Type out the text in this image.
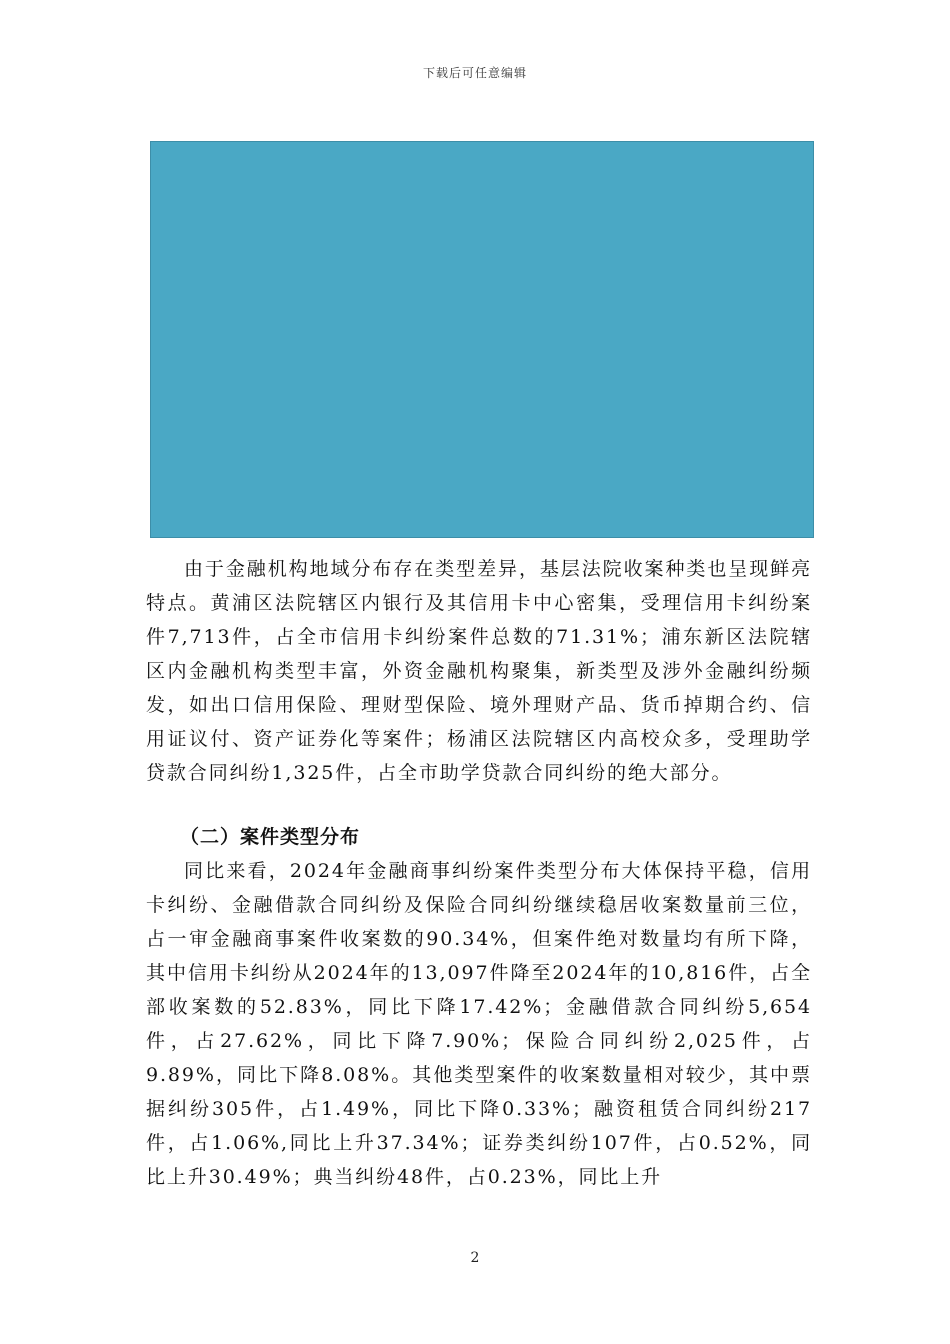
下载后可任意编辑

由于金融机构地域分布存在类型差异，基层法院收案种类也呈现鲜亮特点。黄浦区法院辖区内银行及其信用卡中心密集，受理信用卡纠纷案件7,713件，占全市信用卡纠纷案件总数的71.31%；浦东新区法院辖区内金融机构类型丰富，外资金融机构聚集，新类型及涉外金融纠纷频发，如出口信用保险、理财型保险、境外理财产品、货币掉期合约、信用证议付、资产证券化等案件；杨浦区法院辖区内高校众多，受理助学贷款合同纠纷1,325件，占全市助学贷款合同纠纷的绝大部分。

（二）案件类型分布

同比来看，2024年金融商事纠纷案件类型分布大体保持平稳，信用卡纠纷、金融借款合同纠纷及保险合同纠纷继续稳居收案数量前三位，占一审金融商事案件收案数的90.34%，但案件绝对数量均有所下降，其中信用卡纠纷从2024年的13,097件降至2024年的10,816件，占全部收案数的52.83%，同比下降17.42%；金融借款合同纠纷5,654件，占27.62%，同比下降7.90%；保险合同纠纷2,025件，占9.89%，同比下降8.08%。其他类型案件的收案数量相对较少，其中票据纠纷305件，占1.49%，同比下降0.33%；融资租赁合同纠纷217件，占1.06%,同比上升37.34%；证券类纠纷107件，占0.52%，同比上升30.49%；典当纠纷48件，占0.23%，同比上升

2
